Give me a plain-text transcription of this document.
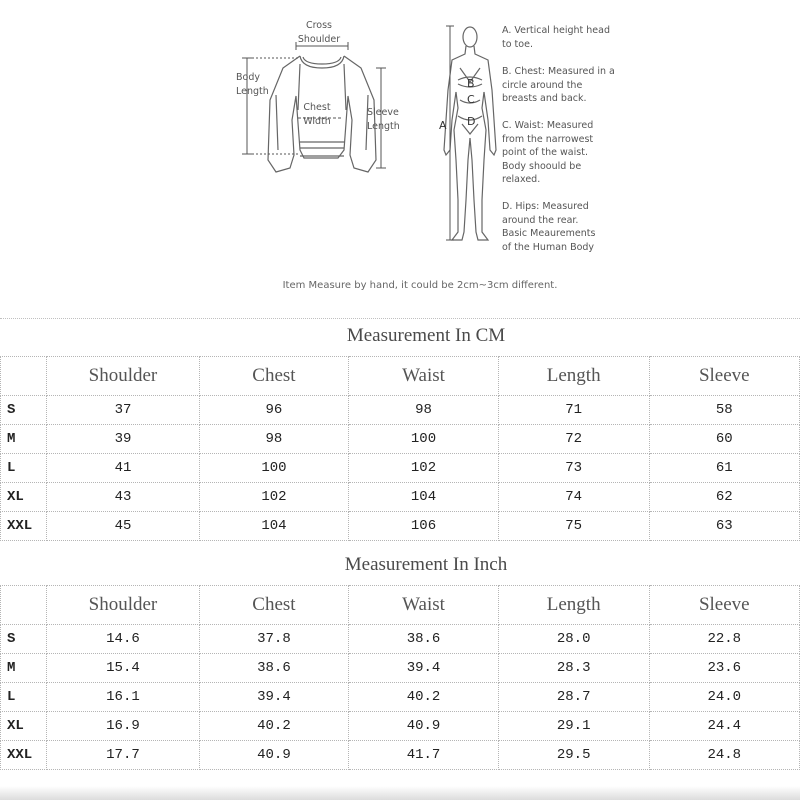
Cross
Shoulder
Body
Length
Chest
Width
Sleeve
Length	A
B
C
D
A. Vertical height head
to toe.
B. Chest: Measured in a
circle around the
breasts and back.
C. Waist: Measured
from the narrowest
point of the waist.
Body shoould be
relaxed.
D. Hips: Measured
around the rear.
Basic Meaurements
of the Human Body
Item Measure by hand, it could be 2cm~3cm different.
Measurement In CM
	Shoulder	Chest	Waist	Length	Sleeve
S	37	96	98	71	58
M	39	98	100	72	60
L	41	100	102	73	61
XL	43	102	104	74	62
XXL	45	104	106	75	63
Measurement In Inch
	Shoulder	Chest	Waist	Length	Sleeve
S	14.6	37.8	38.6	28.0	22.8
M	15.4	38.6	39.4	28.3	23.6
L	16.1	39.4	40.2	28.7	24.0
XL	16.9	40.2	40.9	29.1	24.4
XXL	17.7	40.9	41.7	29.5	24.8
